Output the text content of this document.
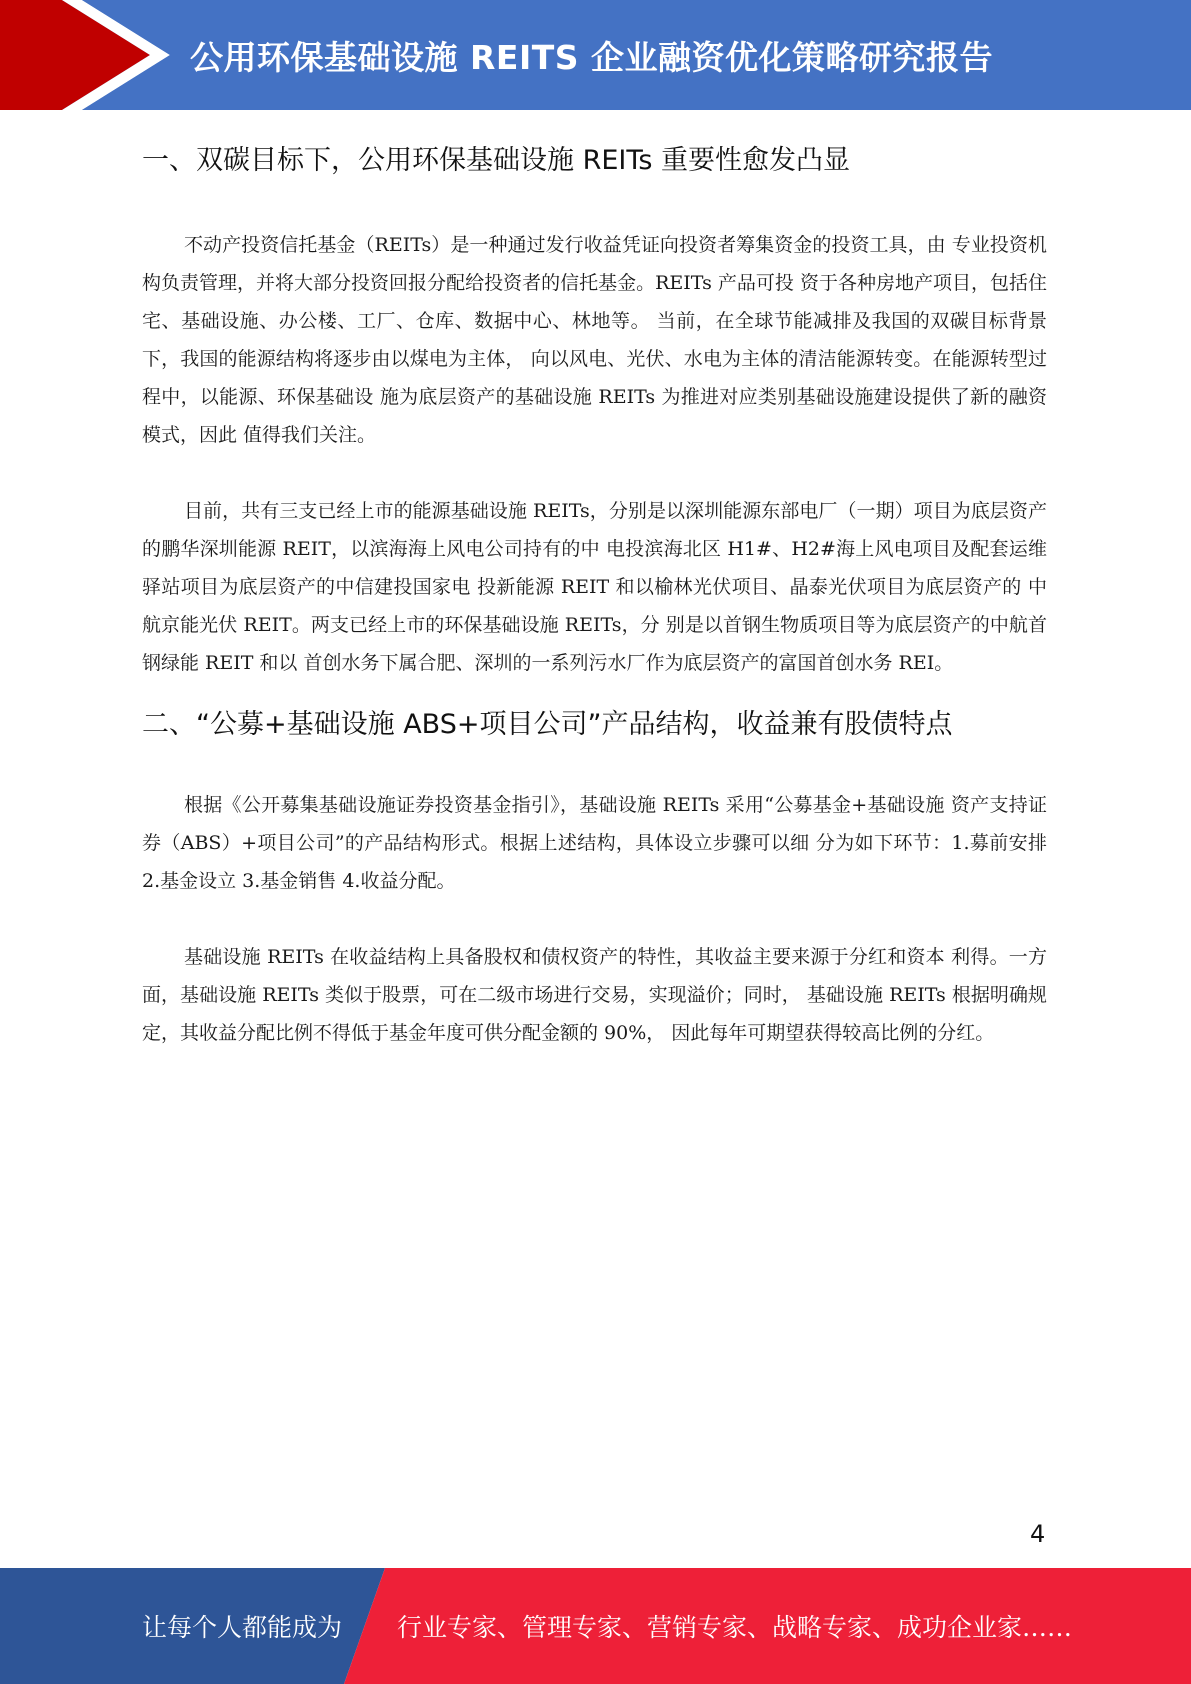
公用环保基础设施 REITS 企业融资优化策略研究报告
一、双碳目标下，公用环保基础设施 REITs 重要性愈发凸显

不动产投资信托基金（REITs）是一种通过发行收益凭证向投资者筹集资金的投资工具，由 专业投资机构负责管理，并将大部分投资回报分配给投资者的信托基金。REITs 产品可投 资于各种房地产项目，包括住宅、基础设施、办公楼、工厂、仓库、数据中心、林地等。 当前，在全球节能减排及我国的双碳目标背景下，我国的能源结构将逐步由以煤电为主体， 向以风电、光伏、水电为主体的清洁能源转变。在能源转型过程中，以能源、环保基础设 施为底层资产的基础设施 REITs 为推进对应类别基础设施建设提供了新的融资模式，因此 值得我们关注。

目前，共有三支已经上市的能源基础设施 REITs，分别是以深圳能源东部电厂（一期）项目为底层资产的鹏华深圳能源 REIT，以滨海海上风电公司持有的中 电投滨海北区 H1#、H2#海上风电项目及配套运维驿站项目为底层资产的中信建投国家电 投新能源 REIT 和以榆林光伏项目、晶泰光伏项目为底层资产的 中航京能光伏 REIT。两支已经上市的环保基础设施 REITs，分 别是以首钢生物质项目等为底层资产的中航首钢绿能 REIT 和以 首创水务下属合肥、深圳的一系列污水厂作为底层资产的富国首创水务 REI。

二、“公募+基础设施 ABS+项目公司”产品结构，收益兼有股债特点

根据《公开募集基础设施证券投资基金指引》，基础设施 REITs 采用“公募基金+基础设施 资产支持证券（ABS）+项目公司”的产品结构形式。根据上述结构，具体设立步骤可以细 分为如下环节：1.募前安排 2.基金设立 3.基金销售 4.收益分配。

基础设施 REITs 在收益结构上具备股权和债权资产的特性，其收益主要来源于分红和资本 利得。一方面，基础设施 REITs 类似于股票，可在二级市场进行交易，实现溢价；同时， 基础设施 REITs 根据明确规定，其收益分配比例不得低于基金年度可供分配金额的 90%， 因此每年可期望获得较高比例的分红。

4
让每个人都能成为 行业专家、管理专家、营销专家、战略专家、成功企业家……
